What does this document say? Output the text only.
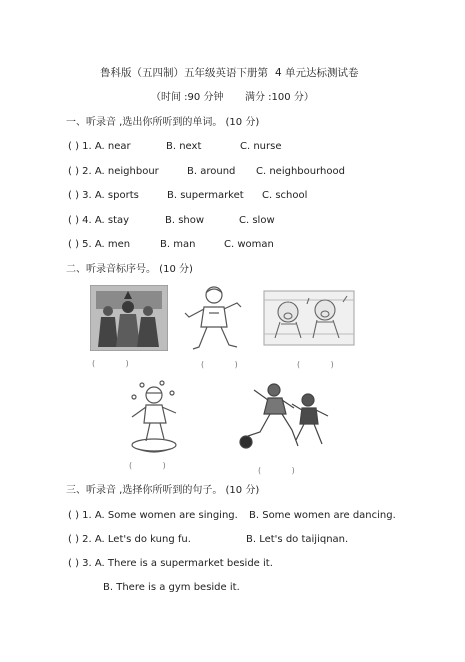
鲁科版（五四制）五年级英语下册第 4 单元达标测试卷
（时间 :90 分钟 满分 :100 分）
一、听录音 ,选出你所听到的单词。 (10 分)
( ) 1. A. near	B. next	C. nurse
( ) 2. A. neighbour	B. around C. neighbourhood
( ) 3. A. sports	B. supermarket C. school
( ) 4. A. stay	B. show	C. slow
( ) 5. A. men	B. man	C. woman
二、听录音标序号。 (10 分)
( )	( )	( )
( )
( )
三、听录音 ,选择你所听到的句子。 (10 分)
( ) 1. A. Some women are singing. B. Some women are dancing.
( ) 2. A. Let's do kung fu.	B. Let's do taijiqnan.
( ) 3. A. There is a supermarket beside it.
B. There is a gym beside it.
